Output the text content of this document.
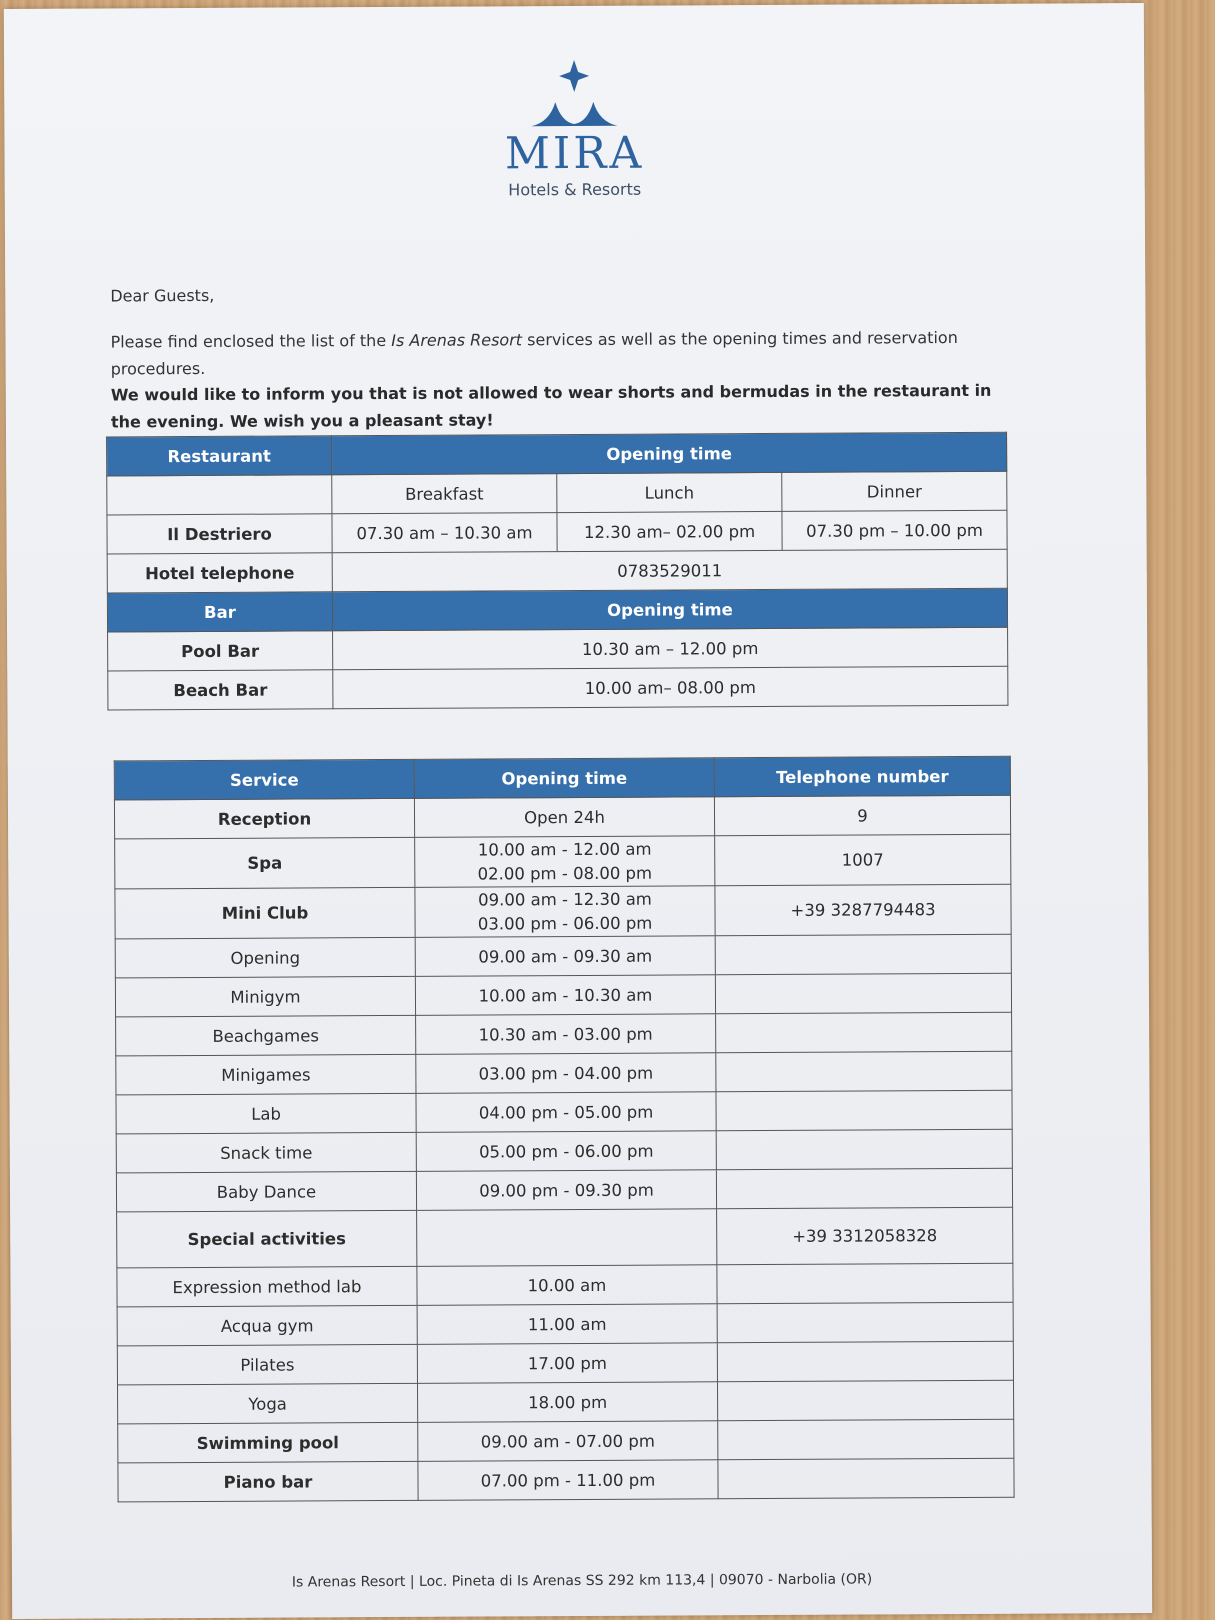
MIRA
Hotels & Resorts

Dear Guests,

Please find enclosed the list of the Is Arenas Resort services as well as the opening times and reservation procedures.

We would like to inform you that is not allowed to wear shorts and bermudas in the restaurant in the evening. We wish you a pleasant stay!

Restaurant	Opening time		
	Breakfast	Lunch	Dinner
Il Destriero	07.30 am – 10.30 am	12.30 am– 02.00 pm	07.30 pm – 10.00 pm
Hotel telephone	0783529011		
Bar	Opening time		
Pool Bar	10.30 am – 12.00 pm		
Beach Bar	10.00 am– 08.00 pm		
Service	Opening time	Telephone number
Reception	Open 24h	9
Spa	10.00 am - 12.00 am
02.00 pm - 08.00 pm	1007
Mini Club	09.00 am - 12.30 am
03.00 pm - 06.00 pm	+39 3287794483
Opening	09.00 am - 09.30 am	
Minigym	10.00 am - 10.30 am	
Beachgames	10.30 am - 03.00 pm	
Minigames	03.00 pm - 04.00 pm	
Lab	04.00 pm - 05.00 pm	
Snack time	05.00 pm - 06.00 pm	
Baby Dance	09.00 pm - 09.30 pm	
Special activities		+39 3312058328
Expression method lab	10.00 am	
Acqua gym	11.00 am	
Pilates	17.00 pm	
Yoga	18.00 pm	
Swimming pool	09.00 am - 07.00 pm	
Piano bar	07.00 pm - 11.00 pm	
Is Arenas Resort | Loc. Pineta di Is Arenas SS 292 km 113,4 | 09070 - Narbolia (OR)
